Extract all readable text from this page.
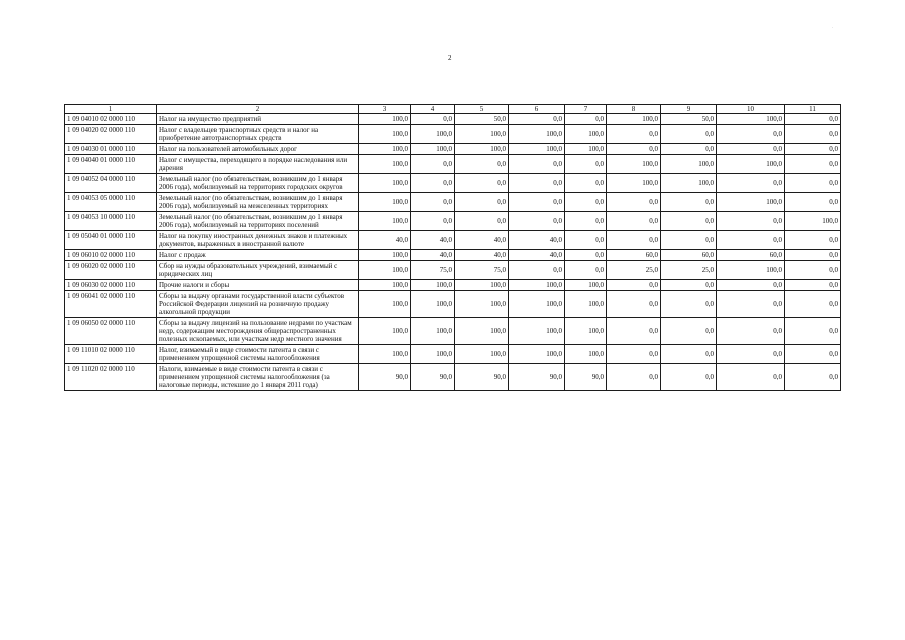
2
.
1	2	3	4	5	6	7	8	9	10	11
1 09 04010 02 0000 110	Налог на имущество предприятий	100,0	0,0	50,0	0,0	0,0	100,0	50,0	100,0	0,0
1 09 04020 02 0000 110	Налог с владельцев транспортных средств и налог на приобретение автотранспортных средств	100,0	100,0	100,0	100,0	100,0	0,0	0,0	0,0	0,0
1 09 04030 01 0000 110	Налог на пользователей автомобильных дорог	100,0	100,0	100,0	100,0	100,0	0,0	0,0	0,0	0,0
1 09 04040 01 0000 110	Налог с имущества, переходящего в порядке наследования или дарения	100,0	0,0	0,0	0,0	0,0	100,0	100,0	100,0	0,0
1 09 04052 04 0000 110	Земельный налог (по обязательствам, возникшим до 1 января 2006 года), мобилизуемый на территориях городских округов	100,0	0,0	0,0	0,0	0,0	100,0	100,0	0,0	0,0
1 09 04053 05 0000 110	Земельный налог (по обязательствам, возникшим до 1 января 2006 года), мобилизуемый на межселенных территориях	100,0	0,0	0,0	0,0	0,0	0,0	0,0	100,0	0,0
1 09 04053 10 0000 110	Земельный налог (по обязательствам, возникшим до 1 января 2006 года), мобилизуемый на территориях поселений	100,0	0,0	0,0	0,0	0,0	0,0	0,0	0,0	100,0
1 09 05040 01 0000 110	Налог на покупку иностранных денежных знаков и платежных документов, выраженных в иностранной валюте	40,0	40,0	40,0	40,0	0,0	0,0	0,0	0,0	0,0
1 09 06010 02 0000 110	Налог с продаж	100,0	40,0	40,0	40,0	0,0	60,0	60,0	60,0	0,0
1 09 06020 02 0000 110	Сбор на нужды образовательных учреждений, взимаемый с юридических лиц	100,0	75,0	75,0	0,0	0,0	25,0	25,0	100,0	0,0
1 09 06030 02 0000 110	Прочие налоги и сборы	100,0	100,0	100,0	100,0	100,0	0,0	0,0	0,0	0,0
1 09 06041 02 0000 110	Сборы за выдачу органами государственной власти субъектов Российской Федерации лицензий на розничную продажу алкогольной продукции	100,0	100,0	100,0	100,0	100,0	0,0	0,0	0,0	0,0
1 09 06050 02 0000 110	Сборы за выдачу лицензий на пользование недрами по участкам недр, содержащим месторождения общераспространенных полезных ископаемых, или участкам недр местного значения	100,0	100,0	100,0	100,0	100,0	0,0	0,0	0,0	0,0
1 09 11010 02 0000 110	Налог, взимаемый в виде стоимости патента в связи с применением упрощенной системы налогообложения	100,0	100,0	100,0	100,0	100,0	0,0	0,0	0,0	0,0
1 09 11020 02 0000 110	Налоги, взимаемые в виде стоимости патента в связи с применением упрощенной системы налогообложения (за налоговые периоды, истекшие до 1 января 2011 года)	90,0	90,0	90,0	90,0	90,0	0,0	0,0	0,0	0,0
